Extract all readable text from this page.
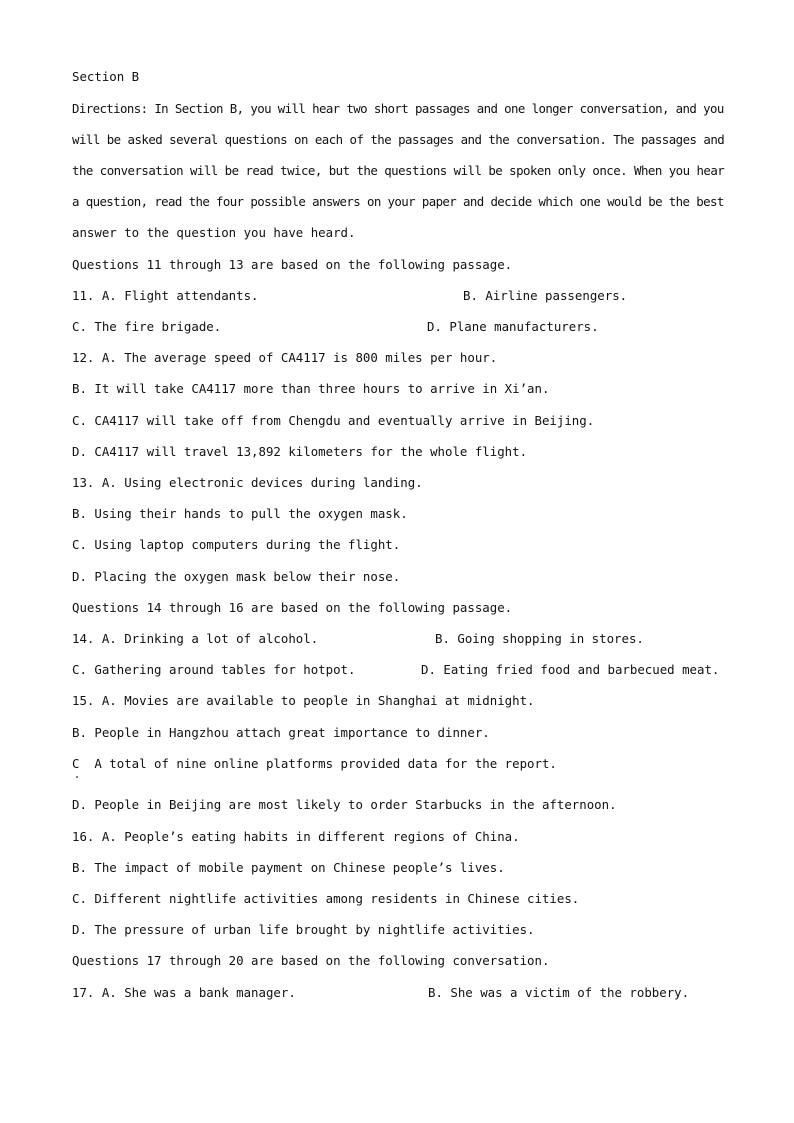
Section B
Directions: In Section B, you will hear two short passages and one longer conversation, and you
will be asked several questions on each of the passages and the conversation. The passages and
the conversation will be read twice, but the questions will be spoken only once. When you hear
a question, read the four possible answers on your paper and decide which one would be the best
answer to the question you have heard.
Questions 11 through 13 are based on the following passage.
11. A. Flight attendants.	B. Airline passengers.
C. The fire brigade.	D. Plane manufacturers.
12. A. The average speed of CA4117 is 800 miles per hour.
B. It will take CA4117 more than three hours to arrive in Xi’an.
C. CA4117 will take off from Chengdu and eventually arrive in Beijing.
D. CA4117 will travel 13,892 kilometers for the whole flight.
13. A. Using electronic devices during landing.
B. Using their hands to pull the oxygen mask.
C. Using laptop computers during the flight.
D. Placing the oxygen mask below their nose.
Questions 14 through 16 are based on the following passage.
14. A. Drinking a lot of alcohol.	B. Going shopping in stores.
C. Gathering around tables for hotpot.	D. Eating fried food and barbecued meat.
15. A. Movies are available to people in Shanghai at midnight.
B. People in Hangzhou attach great importance to dinner.
C  A total of nine online platforms provided data for the report.
D. People in Beijing are most likely to order Starbucks in the afternoon.
16. A. People’s eating habits in different regions of China.
B. The impact of mobile payment on Chinese people’s lives.
C. Different nightlife activities among residents in Chinese cities.
D. The pressure of urban life brought by nightlife activities.
Questions 17 through 20 are based on the following conversation.
17. A. She was a bank manager.	B. She was a victim of the robbery.
